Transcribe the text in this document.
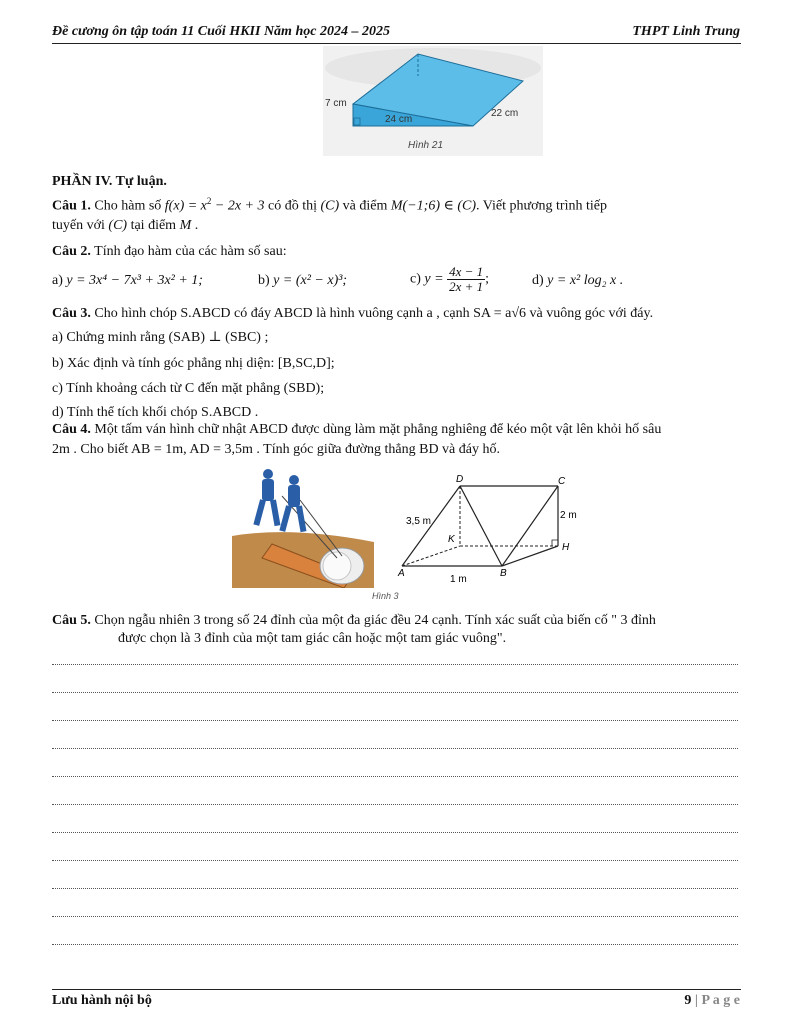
Đề cương ôn tập toán 11 Cuối HKII Năm học 2024 – 2025	THPT Linh Trung
7 cm
24 cm
22 cm
Hình 21
PHẦN IV. Tự luận.
Câu 1. Cho hàm số $f(x) = x^2 - 2x + 3$ có đồ thị (C) và điểm M(−1;6) ∈ (C). Viết phương trình tiếp
tuyến với (C) tại điểm M .
Câu 2. Tính đạo hàm của các hàm số sau:
a) y = 3x⁴ − 7x³ + 3x² + 1;	b) y = (x² − x)³;	c) $y = \frac{4x - 1}{2x + 1}$ ;	d) y = x² log₂ x .
Câu 3. Cho hình chóp S.ABCD có đáy ABCD là hình vuông cạnh a , cạnh SA = a√6 và vuông góc với đáy.
a) Chứng minh rằng (SAB) ⊥ (SBC) ;
b) Xác định và tính góc phẳng nhị diện: [B,SC,D];
c) Tính khoảng cách từ C đến mặt phẳng (SBD);
d) Tính thể tích khối chóp S.ABCD .
Câu 4. Một tấm ván hình chữ nhật ABCD được dùng làm mặt phẳng nghiêng để kéo một vật lên khỏi hố sâu
2m . Cho biết AB = 1m, AD = 3,5m . Tính góc giữa đường thẳng BD và đáy hố.
D	C
K
H
A	B
3,5 m
2 m
1 m
Hình 3
Câu 5. Chọn ngẫu nhiên 3 trong số 24 đỉnh của một đa giác đều 24 cạnh. Tính xác suất của biến cố " 3 đỉnh
được chọn là 3 đỉnh của một tam giác cân hoặc một tam giác vuông".
Lưu hành nội bộ	9 | P a g e
